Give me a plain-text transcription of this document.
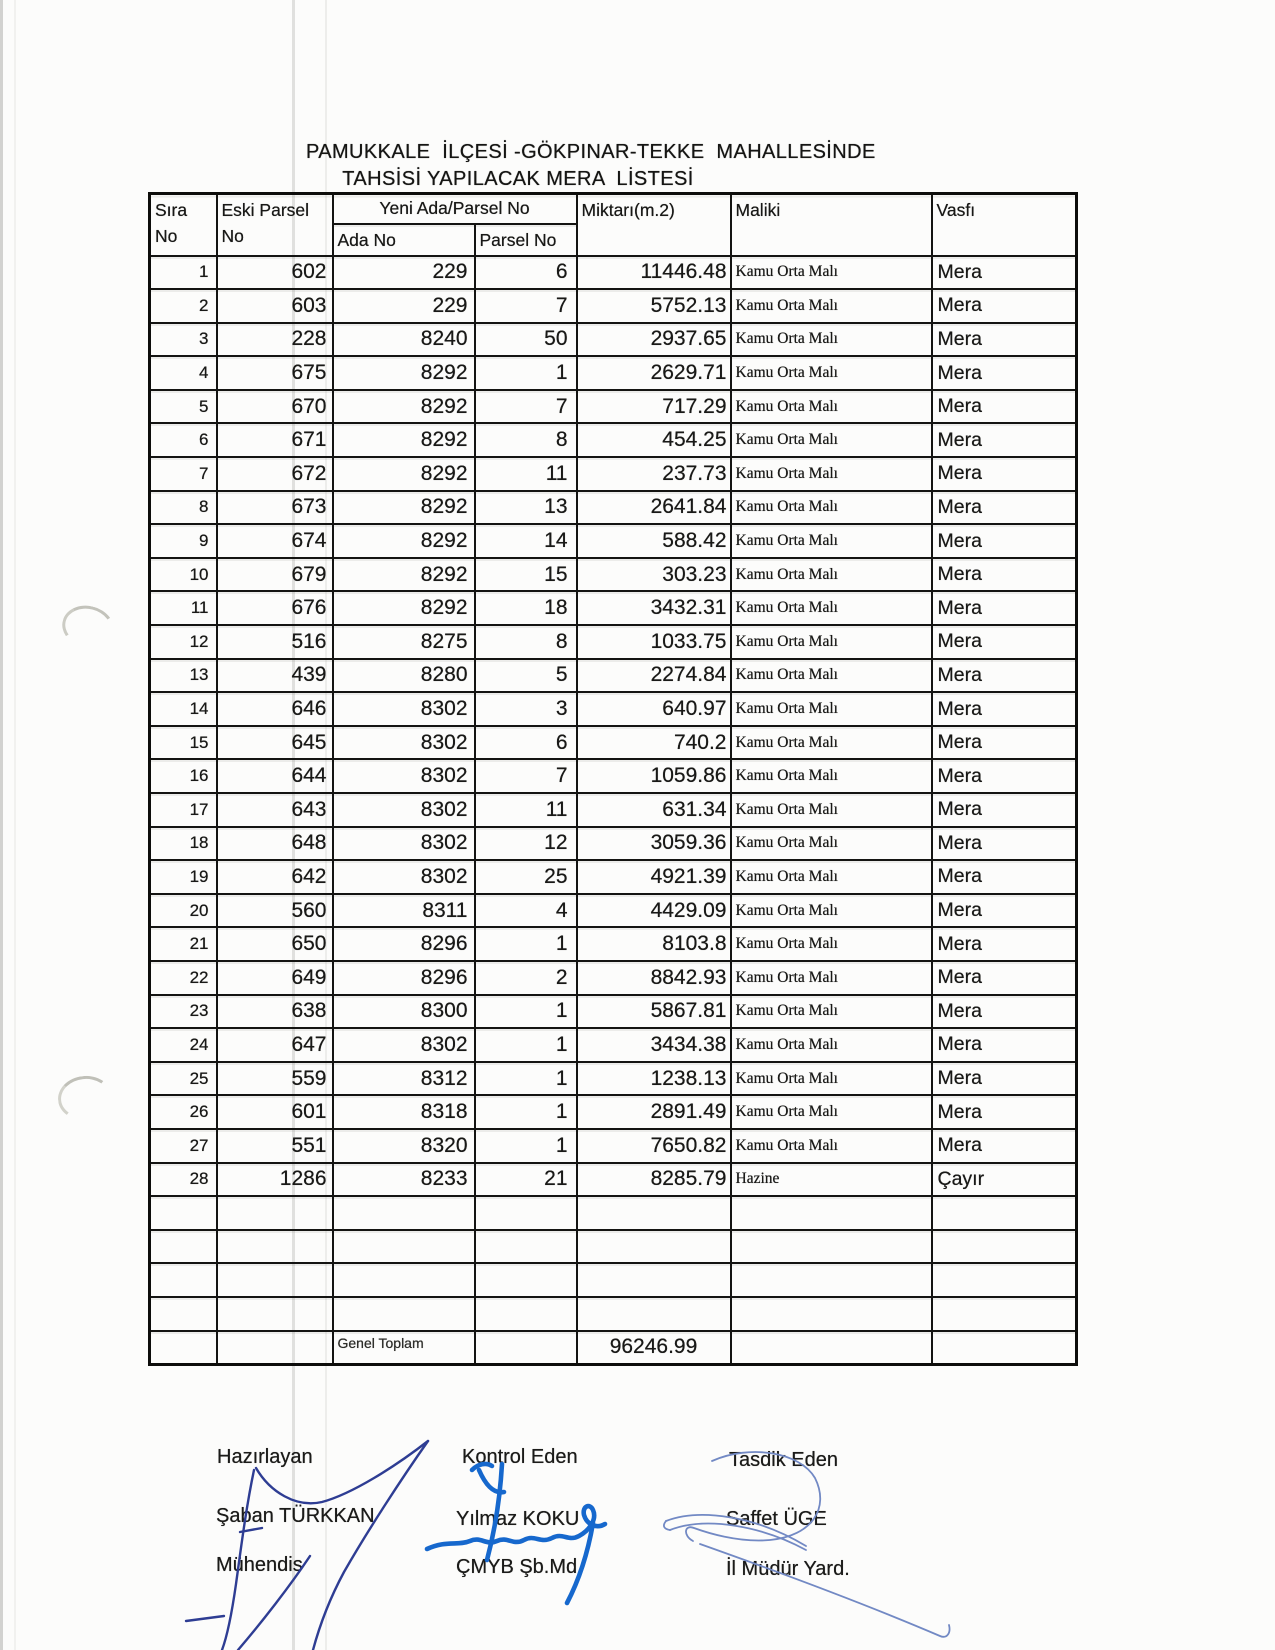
PAMUKKALE  İLÇESİ -GÖKPINAR-TEKKE  MAHALLESİNDE
TAHSİSİ YAPILACAK MERA  LİSTESİ
Sıra
No	Eski Parsel
No	Yeni Ada/Parsel No		Miktarı(m.2)	Maliki	Vasfı
		Ada No	Parsel No			
1	602	229	6	11446.48	Kamu Orta Malı	Mera
2	603	229	7	5752.13	Kamu Orta Malı	Mera
3	228	8240	50	2937.65	Kamu Orta Malı	Mera
4	675	8292	1	2629.71	Kamu Orta Malı	Mera
5	670	8292	7	717.29	Kamu Orta Malı	Mera
6	671	8292	8	454.25	Kamu Orta Malı	Mera
7	672	8292	11	237.73	Kamu Orta Malı	Mera
8	673	8292	13	2641.84	Kamu Orta Malı	Mera
9	674	8292	14	588.42	Kamu Orta Malı	Mera
10	679	8292	15	303.23	Kamu Orta Malı	Mera
11	676	8292	18	3432.31	Kamu Orta Malı	Mera
12	516	8275	8	1033.75	Kamu Orta Malı	Mera
13	439	8280	5	2274.84	Kamu Orta Malı	Mera
14	646	8302	3	640.97	Kamu Orta Malı	Mera
15	645	8302	6	740.2	Kamu Orta Malı	Mera
16	644	8302	7	1059.86	Kamu Orta Malı	Mera
17	643	8302	11	631.34	Kamu Orta Malı	Mera
18	648	8302	12	3059.36	Kamu Orta Malı	Mera
19	642	8302	25	4921.39	Kamu Orta Malı	Mera
20	560	8311	4	4429.09	Kamu Orta Malı	Mera
21	650	8296	1	8103.8	Kamu Orta Malı	Mera
22	649	8296	2	8842.93	Kamu Orta Malı	Mera
23	638	8300	1	5867.81	Kamu Orta Malı	Mera
24	647	8302	1	3434.38	Kamu Orta Malı	Mera
25	559	8312	1	1238.13	Kamu Orta Malı	Mera
26	601	8318	1	2891.49	Kamu Orta Malı	Mera
27	551	8320	1	7650.82	Kamu Orta Malı	Mera
28	1286	8233	21	8285.79	Hazine	Çayır

		Genel Toplam		96246.99		
Hazırlayan	Kontrol Eden	Tasdik Eden
Şaban TÜRKKAN	Yılmaz KOKU	Saffet ÜGE
Mühendis	ÇMYB Şb.Md.	İl Müdür Yard.
